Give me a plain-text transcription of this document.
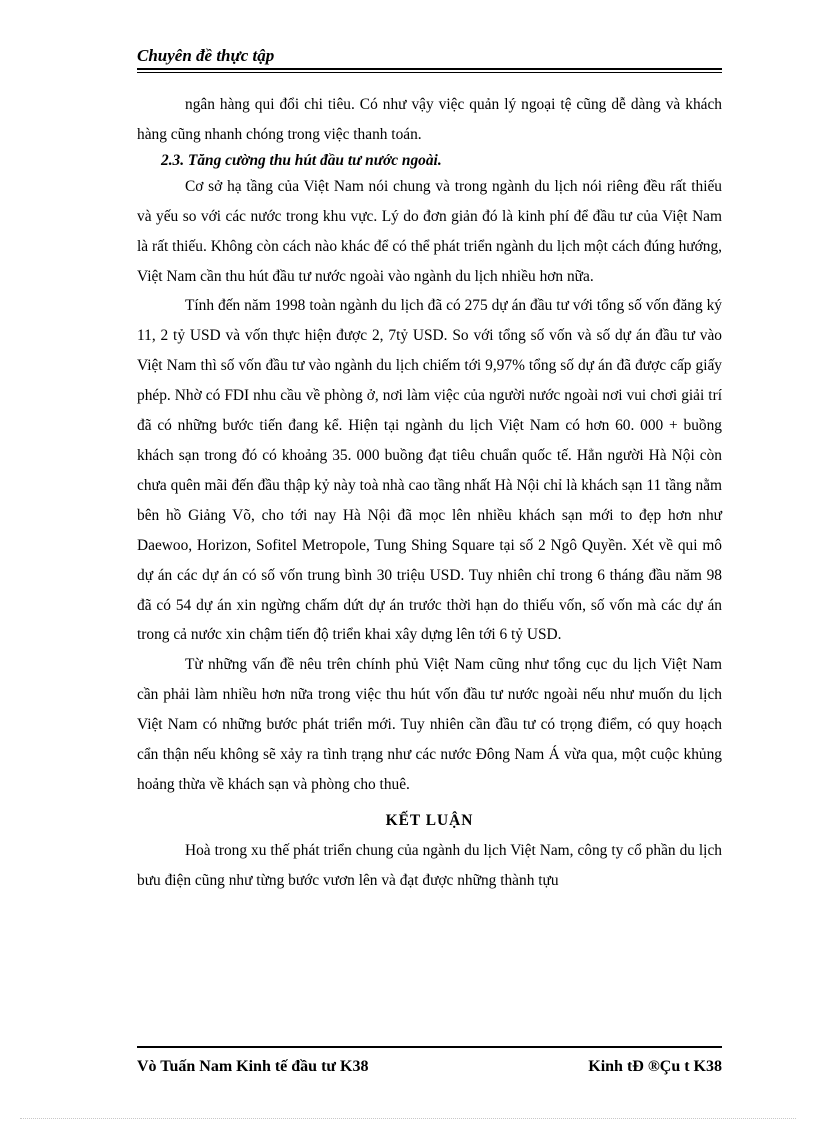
Chuyên đề thực tập

ngân hàng qui đổi chi tiêu. Có như vậy việc quản lý ngoại tệ cũng dễ dàng và khách hàng cũng nhanh chóng trong việc thanh toán.

2.3. Tăng cường thu hút đầu tư nước ngoài.

Cơ sở hạ tầng của Việt Nam nói chung và trong ngành du lịch nói riêng đều rất thiếu và yếu so với các nước trong khu vực. Lý do đơn giản đó là kinh phí để đầu tư của Việt Nam là rất thiếu. Không còn cách nào khác để có thể phát triển ngành du lịch một cách đúng hướng, Việt Nam cần thu hút đầu tư nước ngoài vào ngành du lịch nhiều hơn nữa.

Tính đến năm 1998 toàn ngành du lịch đã có 275 dự án đầu tư với tổng số vốn đăng ký 11, 2 tỷ USD và vốn thực hiện được 2, 7tỷ USD. So với tổng số vốn và số dự án đầu tư vào Việt Nam thì số vốn đầu tư vào ngành du lịch chiếm tới 9,97% tổng số dự án đã được cấp giấy phép. Nhờ có FDI nhu cầu về phòng ở, nơi làm việc của người nước ngoài nơi vui chơi giải trí đã có những bước tiến đang kể. Hiện tại ngành du lịch Việt Nam có hơn 60. 000 + buồng khách sạn trong đó có khoảng 35. 000 buồng đạt tiêu chuẩn quốc tế. Hẳn người Hà Nội còn chưa quên mãi đến đầu thập kỷ này toà nhà cao tầng nhất Hà Nội chỉ là khách sạn 11 tầng nằm bên hồ Giảng Võ, cho tới nay Hà Nội đã mọc lên nhiều khách sạn mới to đẹp hơn như Daewoo, Horizon, Sofitel Metropole, Tung Shing Square tại số 2 Ngô Quyền. Xét về qui mô dự án các dự án có số vốn trung bình 30 triệu USD. Tuy nhiên chỉ trong 6 tháng đầu năm 98 đã có 54 dự án xin ngừng chấm dứt dự án trước thời hạn do thiếu vốn, số vốn mà các dự án trong cả nước xin chậm tiến độ triển khai xây dựng lên tới 6 tỷ USD.

Từ những vấn đề nêu trên chính phủ Việt Nam cũng như tổng cục du lịch Việt Nam cần phải làm nhiều hơn nữa trong việc thu hút vốn đầu tư nước ngoài nếu như muốn du lịch Việt Nam có những bước phát triển mới. Tuy nhiên cần đầu tư có trọng điểm, có quy hoạch cẩn thận nếu không sẽ xảy ra tình trạng như các nước Đông Nam Á vừa qua, một cuộc khủng hoảng thừa về khách sạn và phòng cho thuê.

KẾT LUẬN

Hoà trong xu thế phát triển chung của ngành du lịch Việt Nam, công ty cổ phần du lịch bưu điện cũng như từng bước vươn lên và đạt được những thành tựu

Vò Tuấn Nam Kinh tế đầu tư K38	Kinh tÐ ®Çu t K38
